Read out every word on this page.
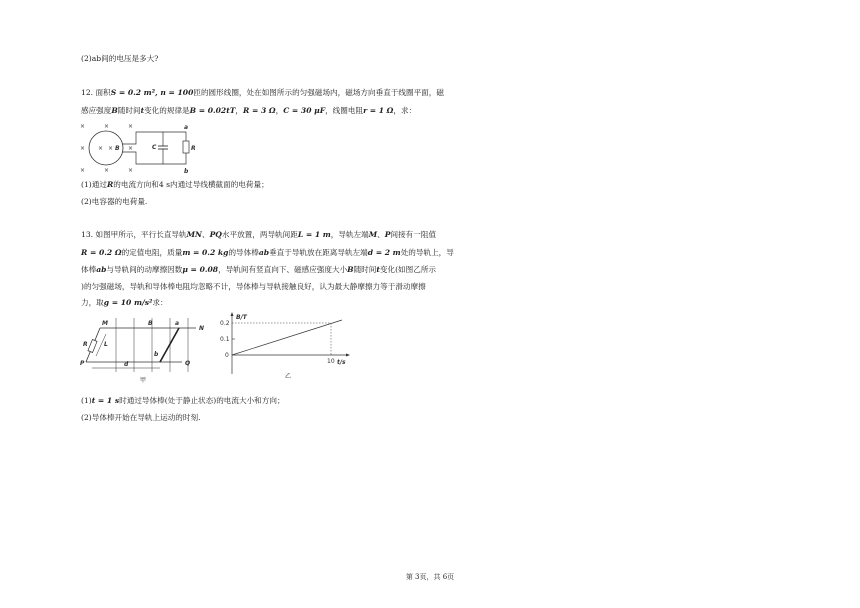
(2)ab间的电压是多大?
12. 面积S = 0.2 m², n = 100匝的圆形线圈，处在如图所示的匀强磁场内，磁场方向垂直于线圈平面，磁
感应强度B随时间t变化的规律是B = 0.02tT，R = 3 Ω，C = 30 μF，线圈电阻r = 1 Ω，求：
×	×	×
× ×	×
×	×	×
× B	C	R
a
b
(1)通过R的电流方向和4 s内通过导线横截面的电荷量；
(2)电容器的电荷量.
13. 如图甲所示，平行长直导轨MN、PQ水平放置，两导轨间距L = 1 m，导轨左端M、P间接有一阻值
R = 0.2 Ω的定值电阻，质量m = 0.2 kg的导体棒ab垂直于导轨放在距离导轨左端d = 2 m处的导轨上，导
体棒ab与导轨间的动摩擦因数μ = 0.08，导轨间有竖直向下、磁感应强度大小B随时间t变化(如图乙所示
)的匀强磁场，导轨和导体棒电阻均忽略不计，导体棒与导轨接触良好，认为最大静摩擦力等于滑动摩擦
力，取g = 10 m/s²求：
M
N
P	Q
B	a
b
R	L
d
甲
B/T
t/s
0.2
0.1
0
10
乙
(1)t = 1 s时通过导体棒(处于静止状态)的电流大小和方向；
(2)导体棒开始在导轨上运动的时刻.
第 3页，共 6页
